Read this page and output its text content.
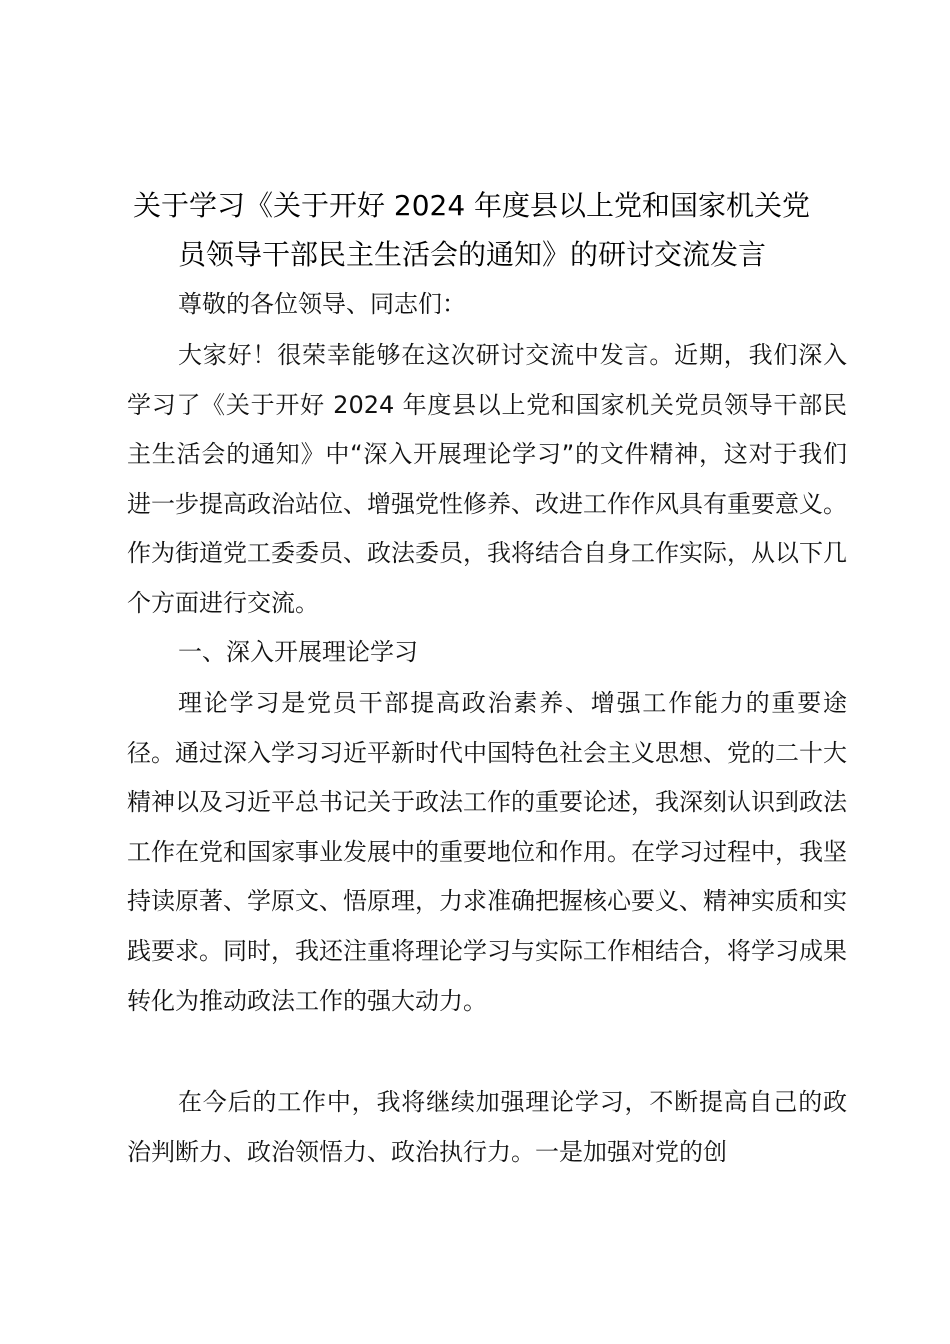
关于学习《关于开好 2024 年度县以上党和国家机关党
员领导干部民主生活会的通知》的研讨交流发言
尊敬的各位领导、同志们：

大家好！很荣幸能够在这次研讨交流中发言。近期，我们深入学习了《关于开好 2024 年度县以上党和国家机关党员领导干部民主生活会的通知》中“深入开展理论学习”的文件精神，这对于我们进一步提高政治站位、增强党性修养、改进工作作风具有重要意义。作为街道党工委委员、政法委员，我将结合自身工作实际，从以下几个方面进行交流。

一、深入开展理论学习

理论学习是党员干部提高政治素养、增强工作能力的重要途径。通过深入学习习近平新时代中国特色社会主义思想、党的二十大精神以及习近平总书记关于政法工作的重要论述，我深刻认识到政法工作在党和国家事业发展中的重要地位和作用。在学习过程中，我坚持读原著、学原文、悟原理，力求准确把握核心要义、精神实质和实践要求。同时，我还注重将理论学习与实际工作相结合，将学习成果转化为推动政法工作的强大动力。

在今后的工作中，我将继续加强理论学习，不断提高自己的政治判断力、政治领悟力、政治执行力。一是加强对党的创
